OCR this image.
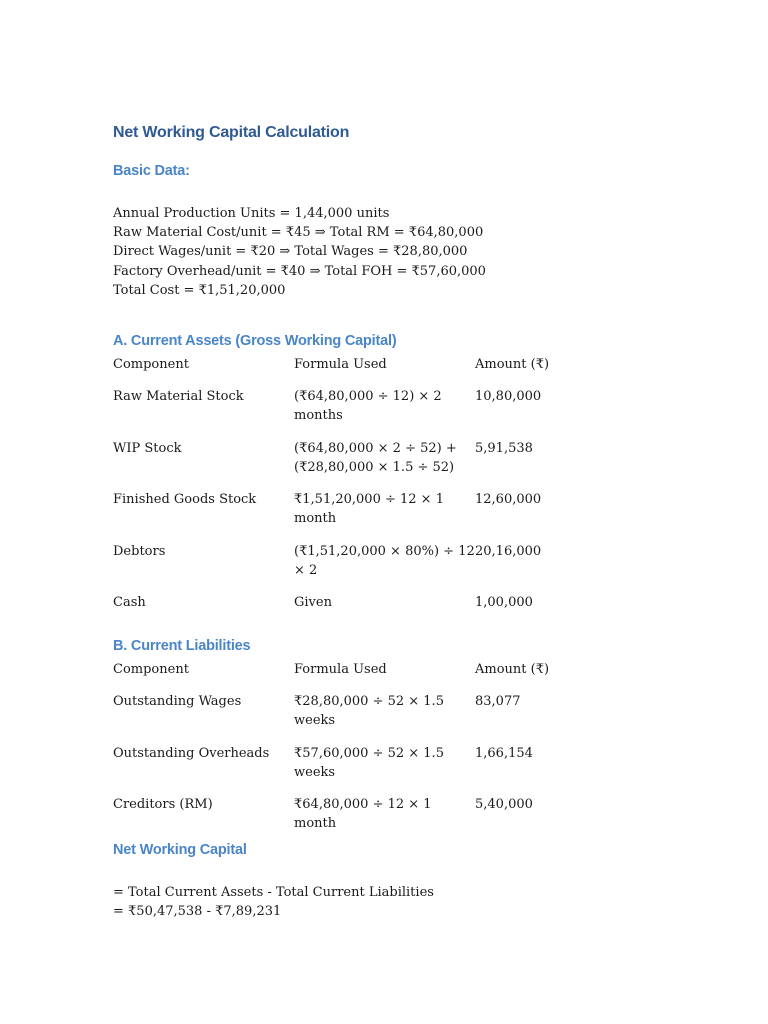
Net Working Capital Calculation
Basic Data:
Annual Production Units = 1,44,000 units
Raw Material Cost/unit = ₹45 ⇒ Total RM = ₹64,80,000
Direct Wages/unit = ₹20 ⇒ Total Wages = ₹28,80,000
Factory Overhead/unit = ₹40 ⇒ Total FOH = ₹57,60,000
Total Cost = ₹1,51,20,000
A. Current Assets (Gross Working Capital)
Component	Formula Used	Amount (₹)
Raw Material Stock	(₹64,80,000 ÷ 12) × 2 months	10,80,000
WIP Stock	(₹64,80,000 × 2 ÷ 52) + (₹28,80,000 × 1.5 ÷ 52)	5,91,538
Finished Goods Stock	₹1,51,20,000 ÷ 12 × 1 month	12,60,000
Debtors	(₹1,51,20,000 × 80%) ÷ 12 × 2	20,16,000
Cash	Given	1,00,000
B. Current Liabilities
Component	Formula Used	Amount (₹)
Outstanding Wages	₹28,80,000 ÷ 52 × 1.5 weeks	83,077
Outstanding Overheads	₹57,60,000 ÷ 52 × 1.5 weeks	1,66,154
Creditors (RM)	₹64,80,000 ÷ 12 × 1 month	5,40,000
Net Working Capital
= Total Current Assets - Total Current Liabilities
= ₹50,47,538 - ₹7,89,231
